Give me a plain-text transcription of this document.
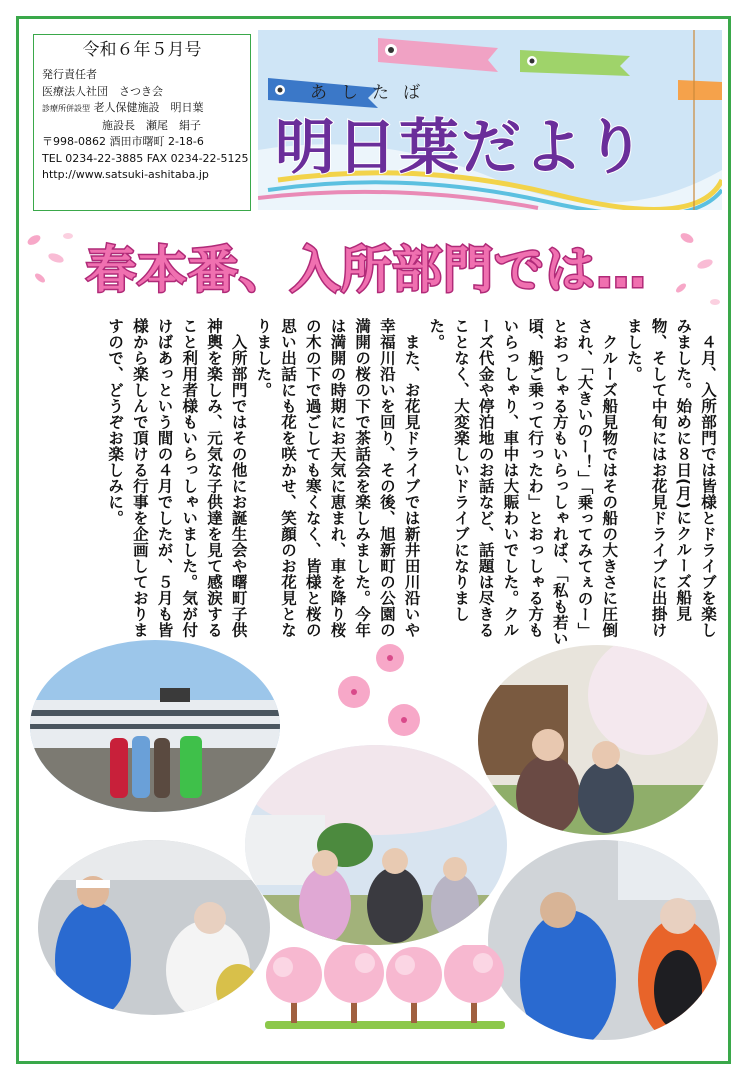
令和６年５月号
発行責任者
医療法人社団　さつき会
診療所併設型 老人保健施設　明日葉
施設長　瀬尾　絹子
〒998-0862 酒田市曙町 2-18-6
TEL 0234-22-3885 FAX 0234-22-5125
http://www.satsuki-ashitaba.jp
あしたば
明日葉だより
春本番、入所部門では…

４月、入所部門では皆様とドライブを楽しみました。始めに８日(月)にクルーズ船見物、そして中旬にはお花見ドライブに出掛けました。

クルーズ船見物ではその船の大きさに圧倒され、「大きいのー！」「乗ってみてぇのー」とおっしゃる方もいらっしゃれば、「私も若い頃、船ご乗って行ったわ」とおっしゃる方もいらっしゃり、車中は大賑わいでした。クルーズ代金や停泊地のお話など、話題は尽きることなく、大変楽しいドライブになりました。

また、お花見ドライブでは新井田川沿いや幸福川沿いを回り、その後、旭新町の公園の満開の桜の下で茶話会を楽しみました。今年は満開の時期にお天気に恵まれ、車を降り桜の木の下で過ごしても寒くなく、皆様と桜の思い出話にも花を咲かせ、笑顔のお花見となりました。

入所部門ではその他にお誕生会や曙町子供神輿を楽しみ、元気な子供達を見て感涙すること利用者様もいらっしゃいました。気が付けばあっという間の４月でしたが、５月も皆様から楽しんで頂ける行事を企画しておりますので、どうぞお楽しみに。
